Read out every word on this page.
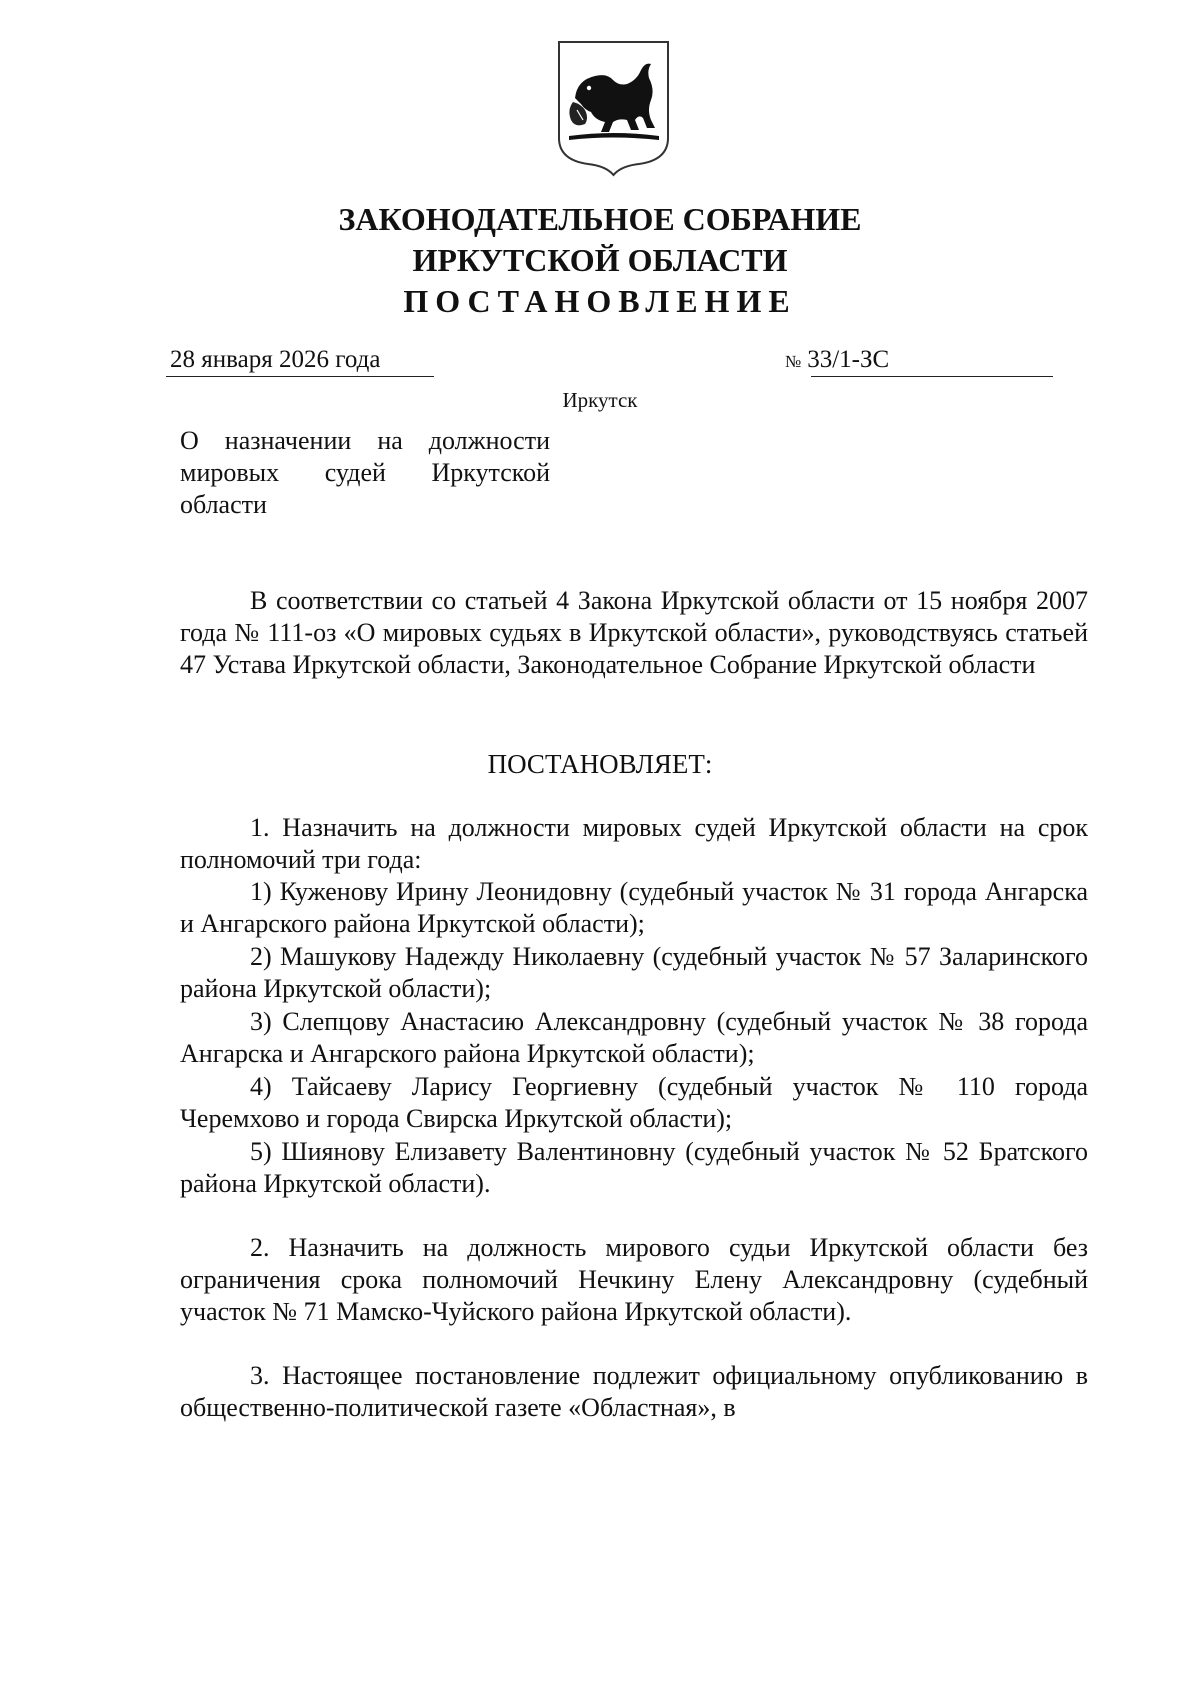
ЗАКОНОДАТЕЛЬНОЕ СОБРАНИЕ
ИРКУТСКОЙ ОБЛАСТИ
ПОСТАНОВЛЕНИЕ
28 января 2026 года	№ 33/1-ЗС
Иркутск
О назначении на должности мировых судей Иркутской области

В соответствии со статьей 4 Закона Иркутской области от 15 ноября 2007 года № 111-оз «О мировых судьях в Иркутской области», руководствуясь статьей 47 Устава Иркутской области, Законодательное Собрание Иркутской области

ПОСТАНОВЛЯЕТ:

1. Назначить на должности мировых судей Иркутской области на срок полномочий три года:

1) Куженову Ирину Леонидовну (судебный участок № 31 города Ангарска и Ангарского района Иркутской области);

2) Машукову Надежду Николаевну (судебный участок № 57 Заларинского района Иркутской области);

3) Слепцову Анастасию Александровну (судебный участок № 38 города Ангарска и Ангарского района Иркутской области);

4) Тайсаеву Ларису Георгиевну (судебный участок № 110 города Черемхово и города Свирска Иркутской области);

5) Шиянову Елизавету Валентиновну (судебный участок № 52 Братского района Иркутской области).

2. Назначить на должность мирового судьи Иркутской области без ограничения срока полномочий Нечкину Елену Александровну (судебный участок № 71 Мамско-Чуйского района Иркутской области).

3. Настоящее постановление подлежит официальному опубликованию в общественно-политической газете «Областная», в
